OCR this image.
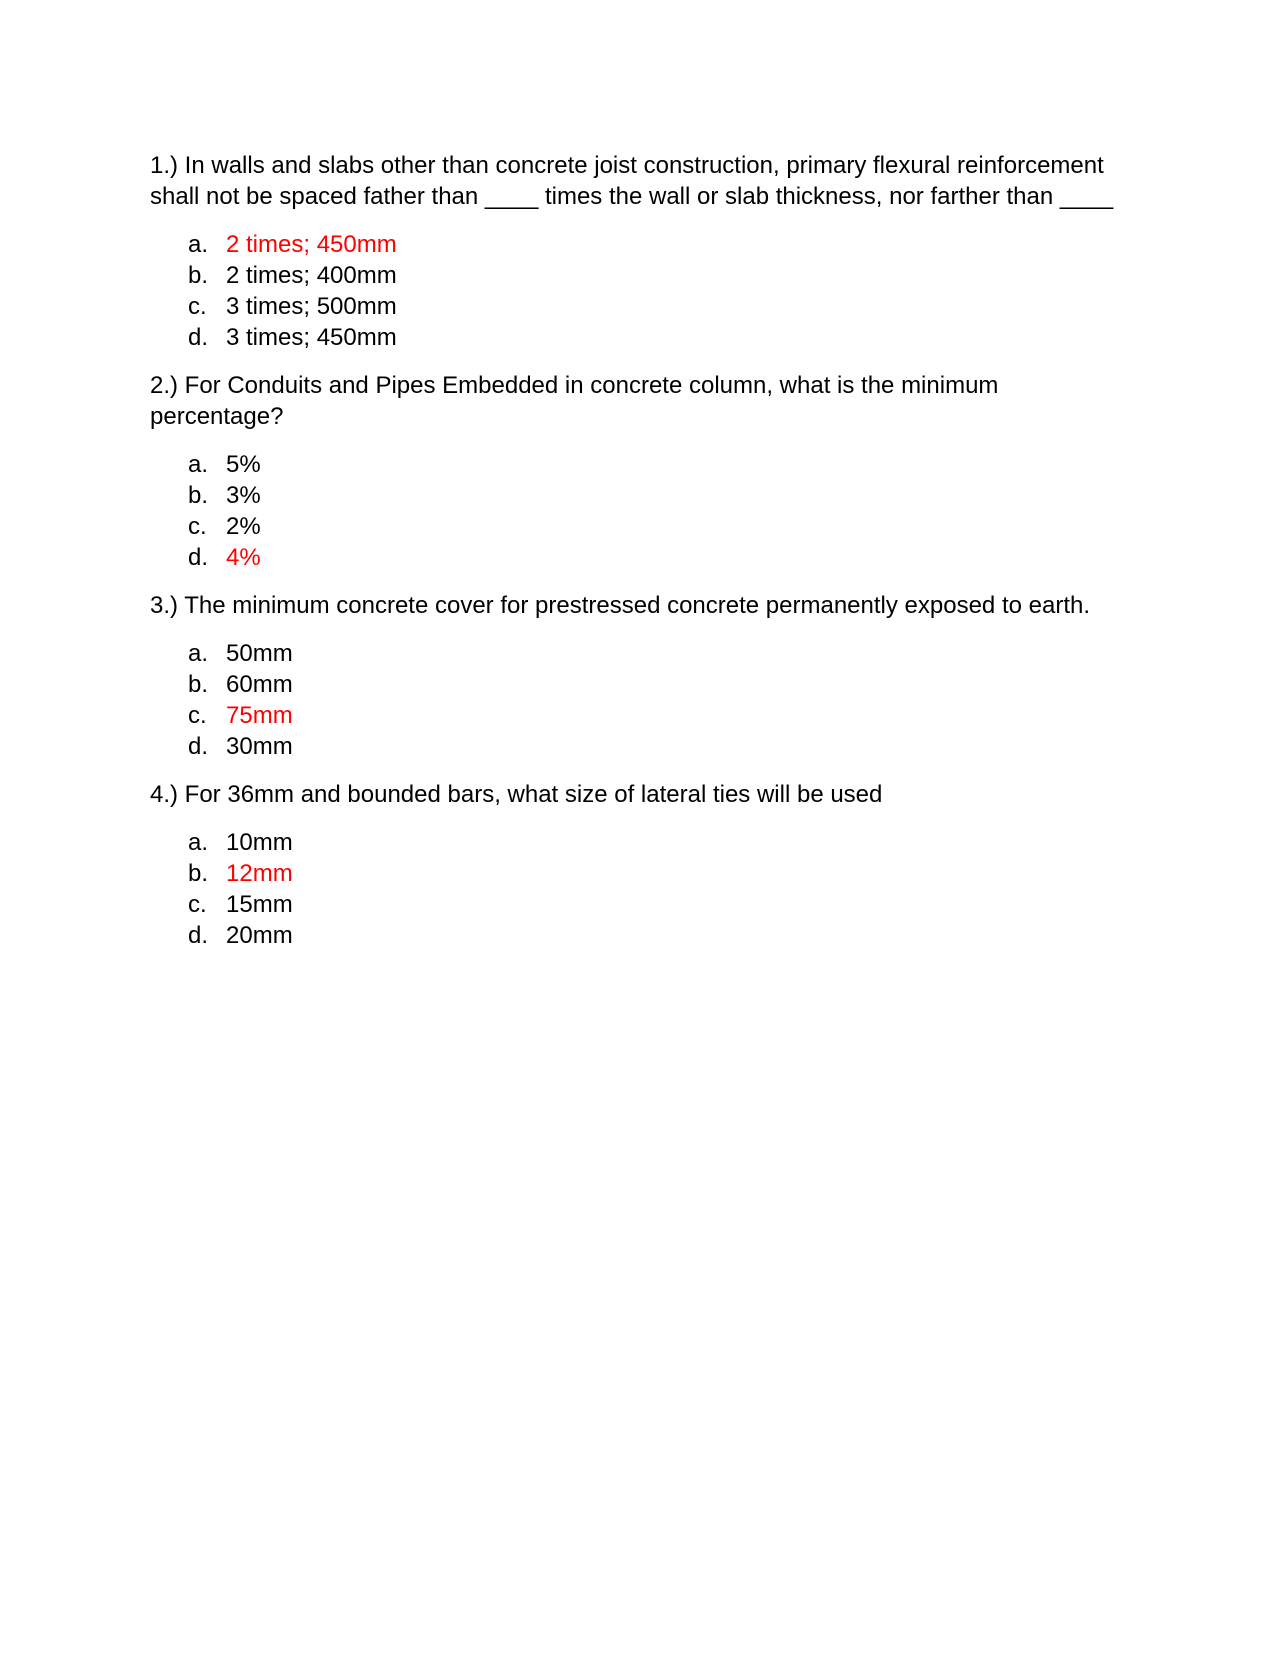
1.) In walls and slabs other than concrete joist construction, primary flexural reinforcement shall not be spaced father than ____ times the wall or slab thickness, nor farther than ____

a. 2 times; 450mm
b. 2 times; 400mm
c. 3 times; 500mm
d. 3 times; 450mm

2.) For Conduits and Pipes Embedded in concrete column, what is the minimum percentage?

a. 5%
b. 3%
c. 2%
d. 4%

3.) The minimum concrete cover for prestressed concrete permanently exposed to earth.

a. 50mm
b. 60mm
c. 75mm
d. 30mm

4.) For 36mm and bounded bars, what size of lateral ties will be used

a. 10mm
b. 12mm
c. 15mm
d. 20mm
